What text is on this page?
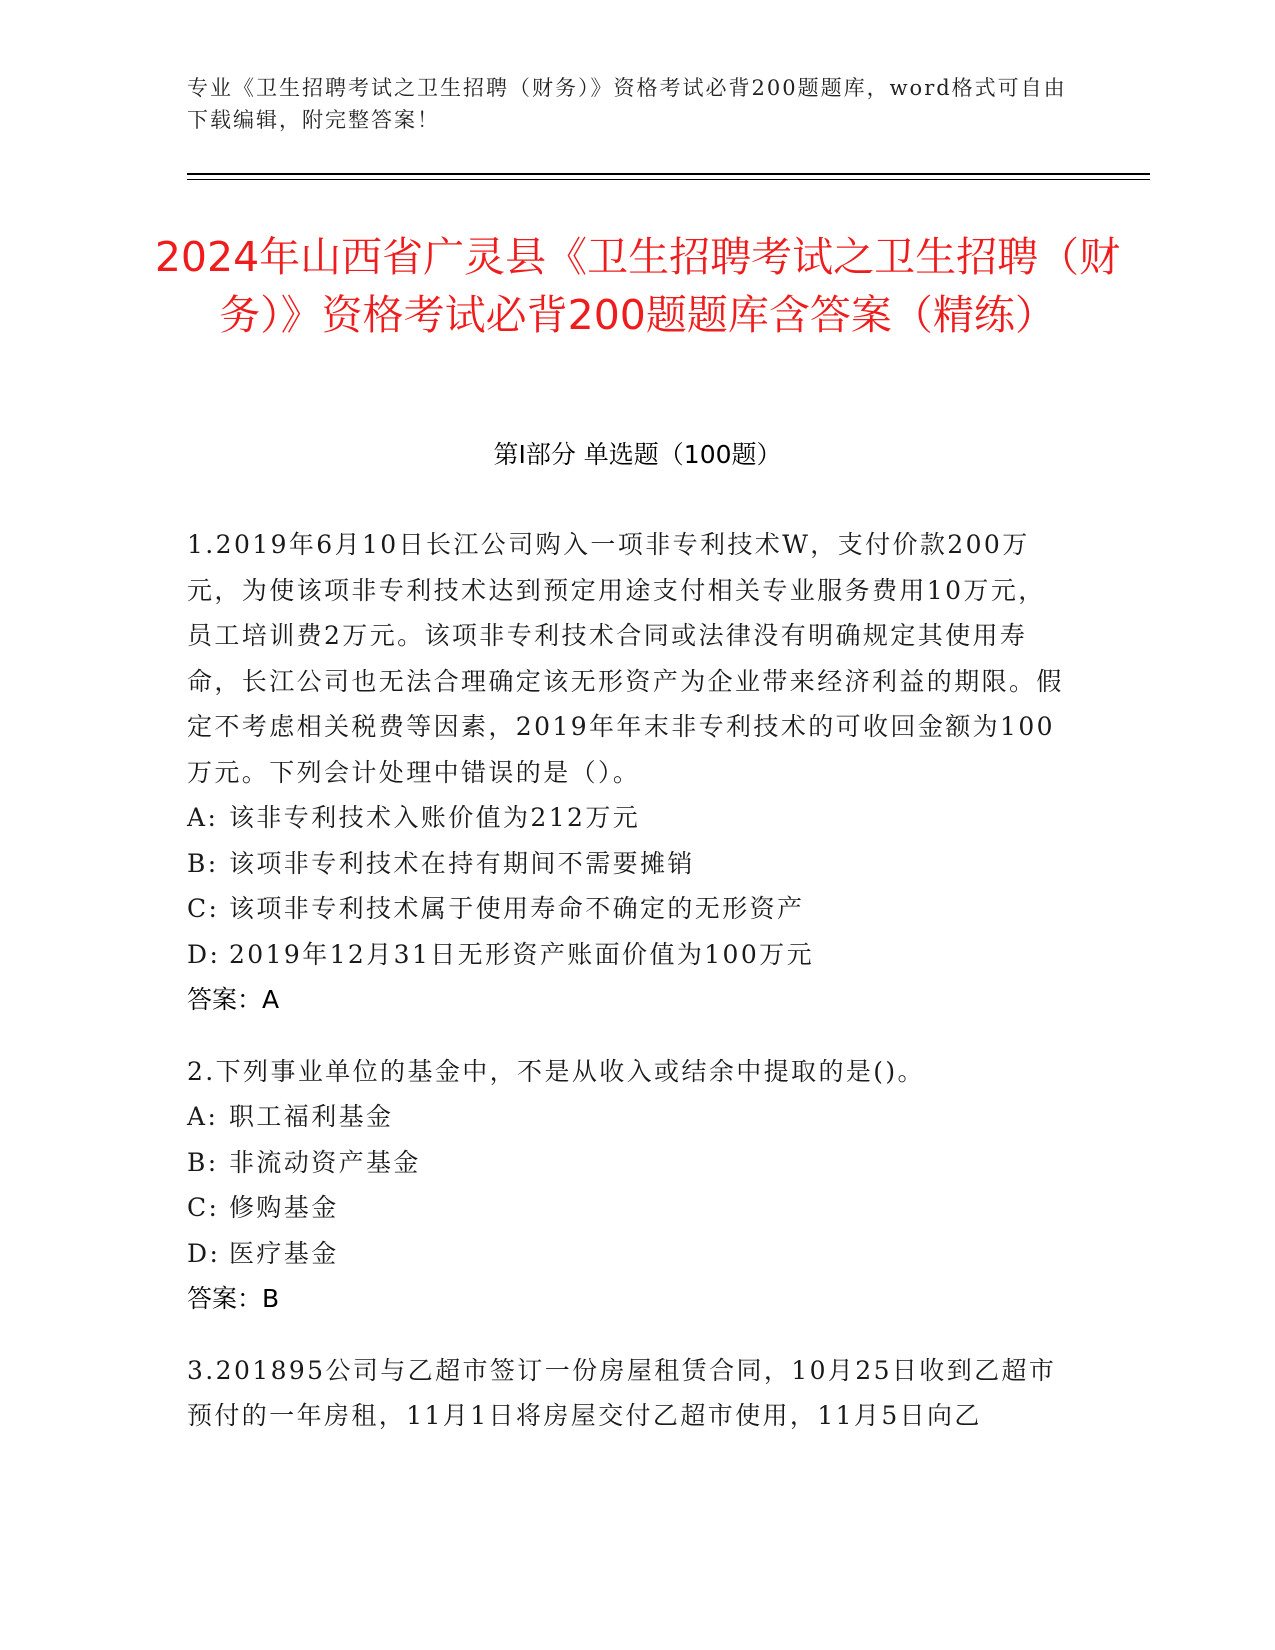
专业《卫生招聘考试之卫生招聘（财务）》资格考试必背200题题库，word格式可自由下载编辑，附完整答案！
2024年山西省广灵县《卫生招聘考试之卫生招聘（财务）》资格考试必背200题题库含答案（精练）
第Ⅰ部分 单选题（100题）

1.2019年6月10日长江公司购入一项非专利技术W，支付价款200万元，为使该项非专利技术达到预定用途支付相关专业服务费用10万元，员工培训费2万元。该项非专利技术合同或法律没有明确规定其使用寿命，长江公司也无法合理确定该无形资产为企业带来经济利益的期限。假定不考虑相关税费等因素，2019年年末非专利技术的可收回金额为100万元。下列会计处理中错误的是（）。

A: 该非专利技术入账价值为212万元

B: 该项非专利技术在持有期间不需要摊销

C: 该项非专利技术属于使用寿命不确定的无形资产

D: 2019年12月31日无形资产账面价值为100万元

答案：A

2.下列事业单位的基金中，不是从收入或结余中提取的是()。

A: 职工福利基金

B: 非流动资产基金

C: 修购基金

D: 医疗基金

答案：B

3.201895公司与乙超市签订一份房屋租赁合同，10月25日收到乙超市预付的一年房租，11月1日将房屋交付乙超市使用，11月5日向乙
